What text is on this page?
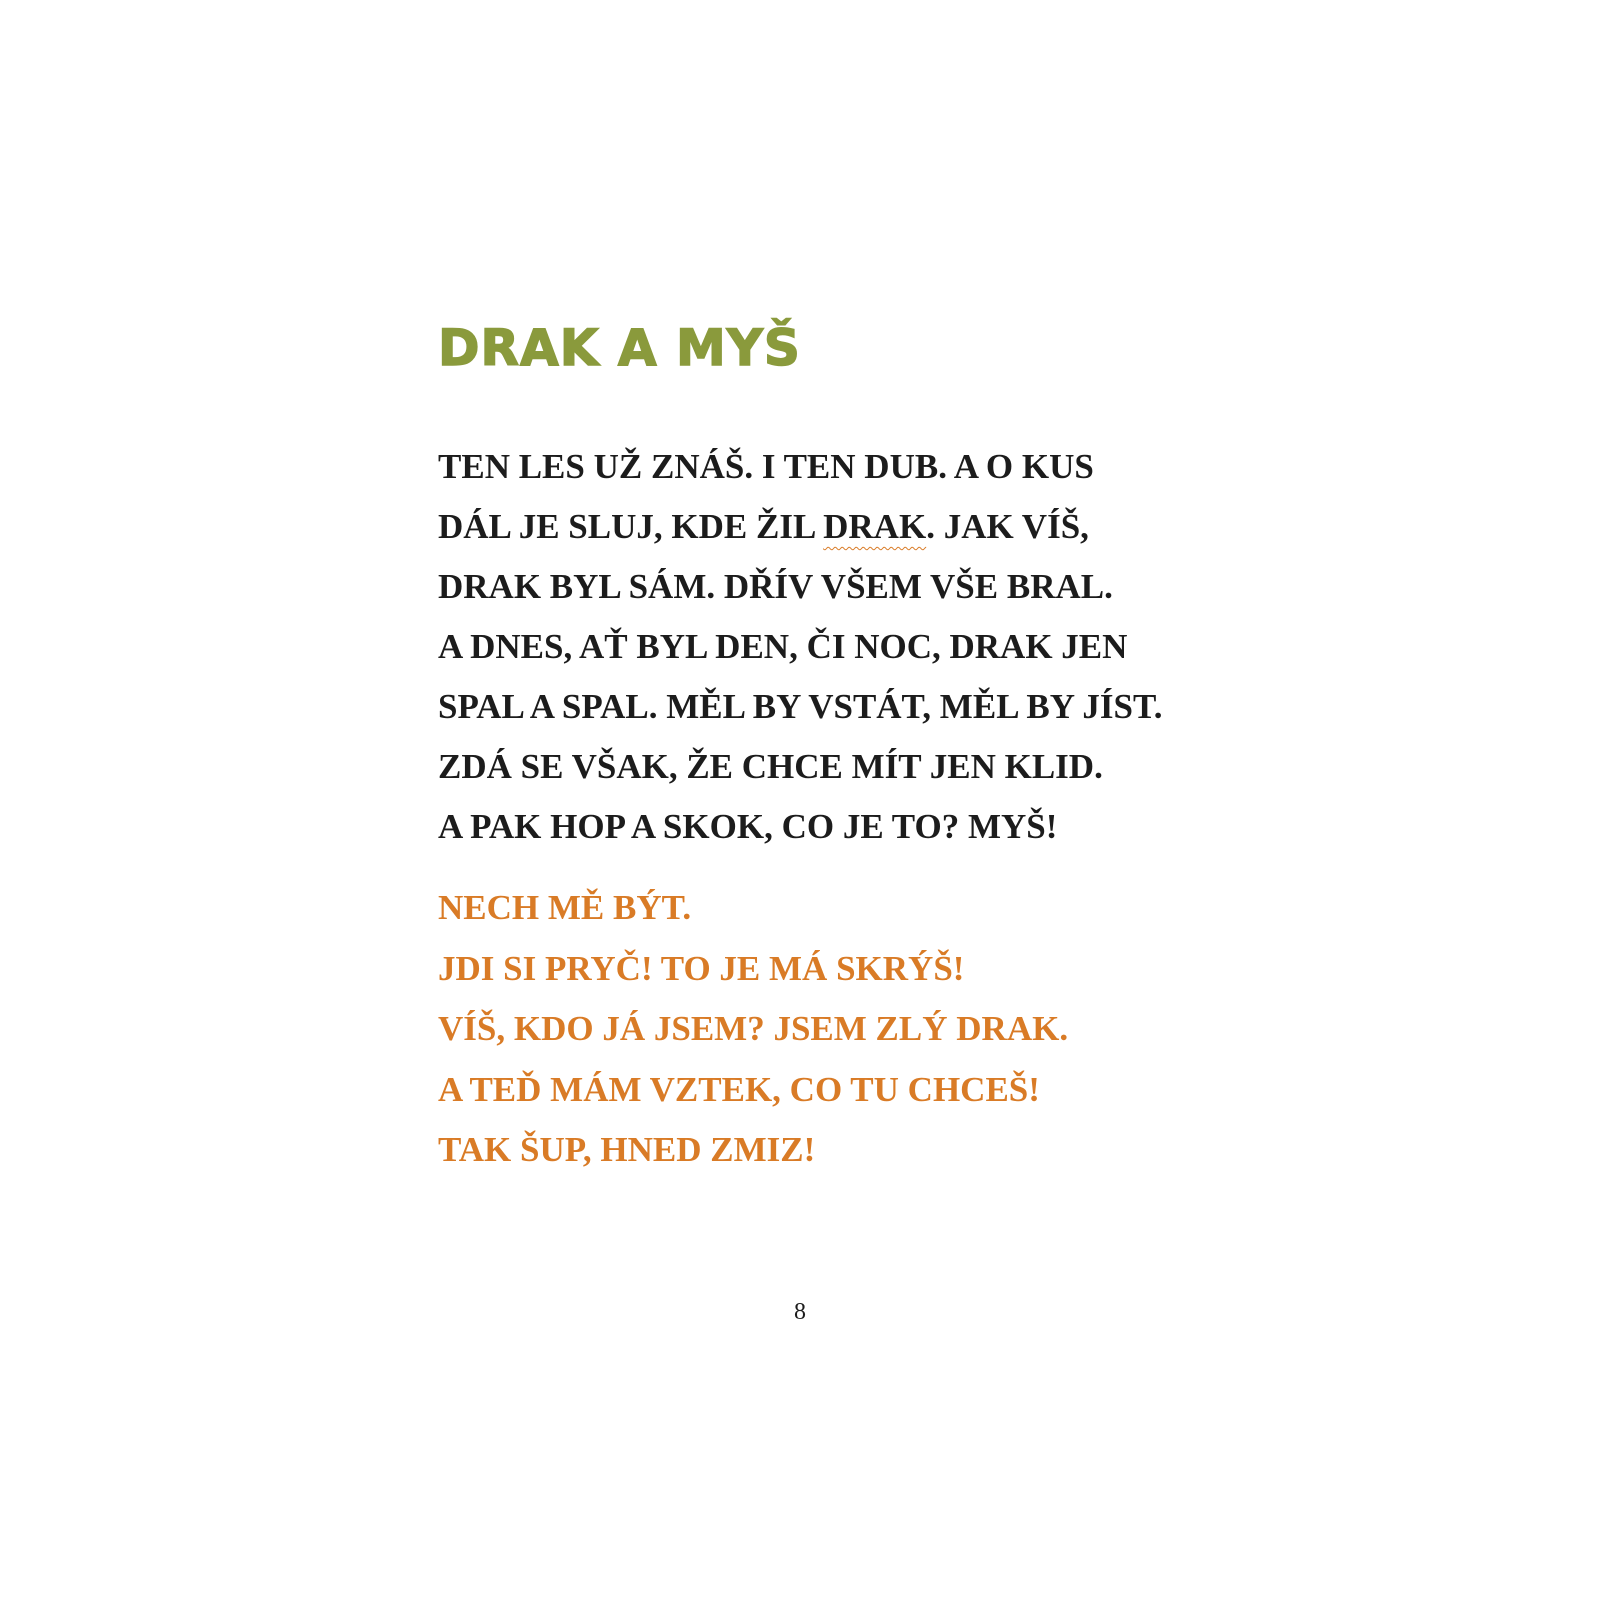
DRAK A MYŠ
TEN LES UŽ ZNÁŠ. I TEN DUB. A O KUS
DÁL JE SLUJ, KDE ŽIL DRAK. JAK VÍŠ,
DRAK BYL SÁM. DŘÍV VŠEM VŠE BRAL.
A DNES, AŤ BYL DEN, ČI NOC, DRAK JEN
SPAL A SPAL. MĚL BY VSTÁT, MĚL BY JÍST.
ZDÁ SE VŠAK, ŽE CHCE MÍT JEN KLID.
A PAK HOP A SKOK, CO JE TO? MYŠ!
NECH MĚ BÝT.
JDI SI PRYČ! TO JE MÁ SKRÝŠ!
VÍŠ, KDO JÁ JSEM? JSEM ZLÝ DRAK.
A TEĎ MÁM VZTEK, CO TU CHCEŠ!
TAK ŠUP, HNED ZMIZ!
8
